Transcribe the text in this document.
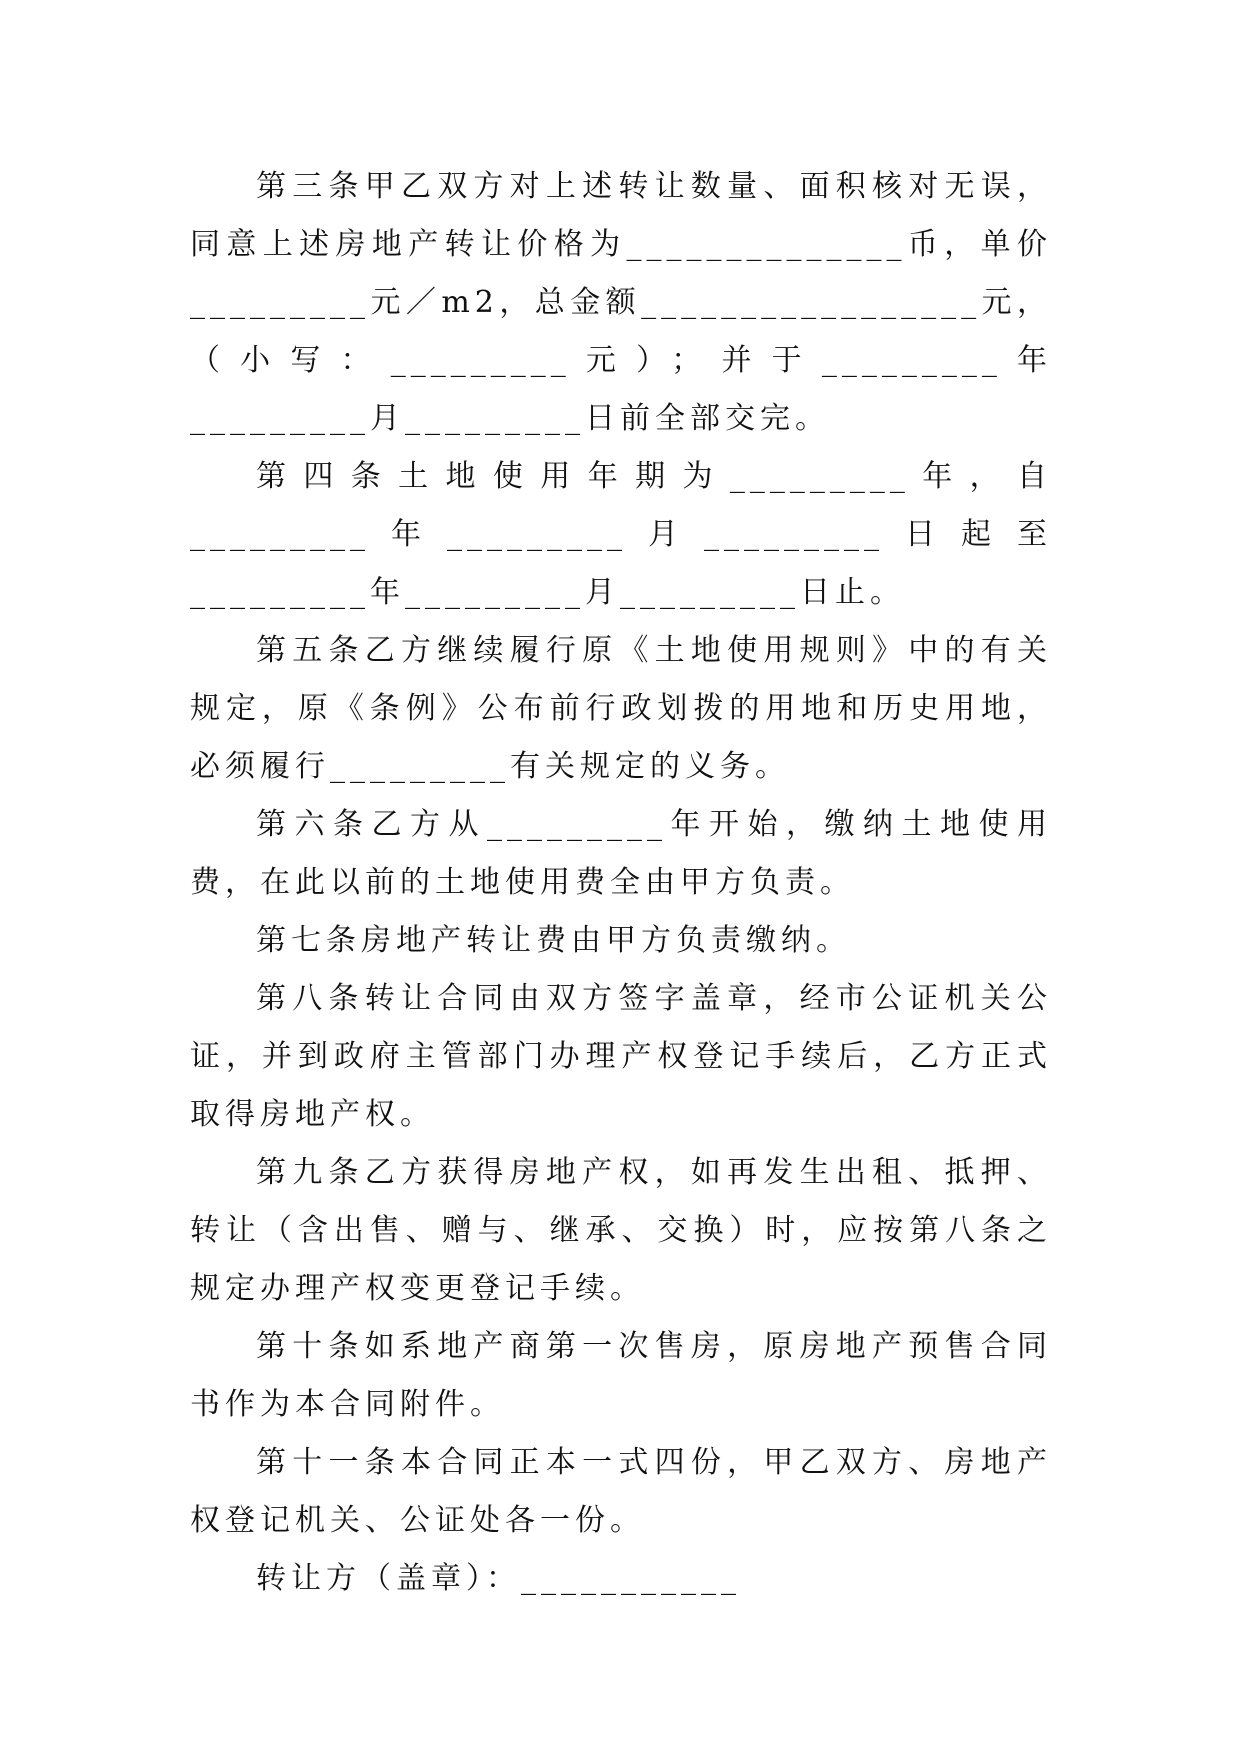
第三条甲乙双方对上述转让数量、面积核对无误，同意上述房地产转让价格为______________币，单价_________元／m2，总金额_________________元，（小写：_________元）；并于_________年_________月_________日前全部交完。

第四条土地使用年期为_________年，自_________年_________月_________日起至_________年_________月_________日止。

第五条乙方继续履行原《土地使用规则》中的有关规定，原《条例》公布前行政划拨的用地和历史用地，必须履行_________有关规定的义务。

第六条乙方从_________年开始，缴纳土地使用费，在此以前的土地使用费全由甲方负责。

第七条房地产转让费由甲方负责缴纳。

第八条转让合同由双方签字盖章，经市公证机关公证，并到政府主管部门办理产权登记手续后，乙方正式取得房地产权。

第九条乙方获得房地产权，如再发生出租、抵押、转让（含出售、赠与、继承、交换）时，应按第八条之规定办理产权变更登记手续。

第十条如系地产商第一次售房，原房地产预售合同书作为本合同附件。

第十一条本合同正本一式四份，甲乙双方、房地产权登记机关、公证处各一份。

转让方（盖章）：___________
